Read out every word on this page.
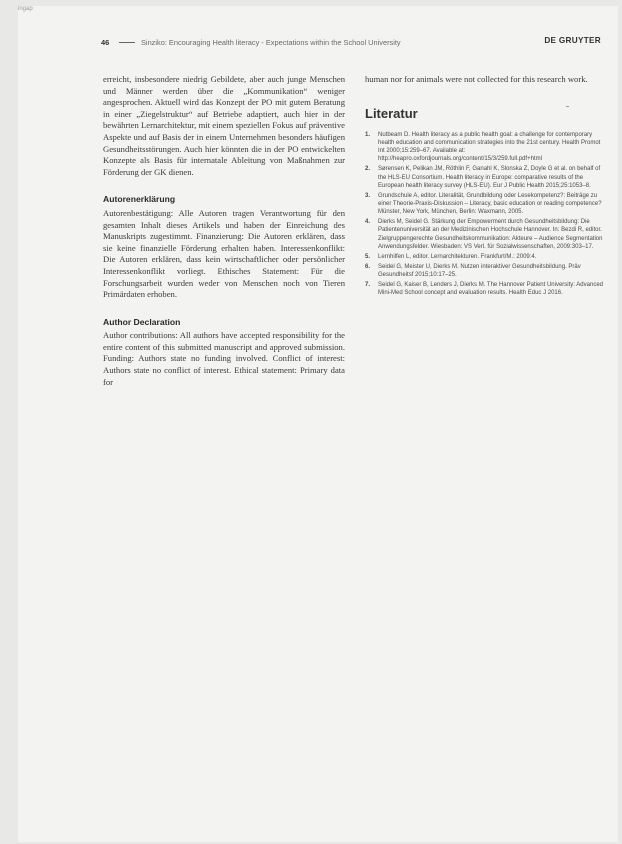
ingap
46	Sinziko: Encouraging Health literacy - Expectations within the School University	DE GRUYTER

erreicht, insbesondere niedrig Gebildete, aber auch junge Menschen und Männer werden über die „Kommunikation“ weniger angesprochen. Aktuell wird das Konzept der PO mit gutem Beratung in einer „Ziegelstruktur“ auf Betriebe adaptiert, auch hier in der bewährten Lernarchitektur, mit einem speziellen Fokus auf präventive Aspekte und auf Basis der in einem Unternehmen besonders häufigen Gesundheitsstörungen. Auch hier könnten die in der PO entwickelten Konzepte als Basis für internatale Ableitung von Maßnahmen zur Förderung der GK dienen.

Autorenerklärung

Autorenbestätigung: Alle Autoren tragen Verantwortung für den gesamten Inhalt dieses Artikels und haben der Einreichung des Manuskripts zugestimmt. Finanzierung: Die Autoren erklären, dass sie keine finanzielle Förderung erhalten haben. Interessenkonflikt: Die Autoren erklären, dass kein wirtschaftlicher oder persönlicher Interessenkonflikt vorliegt. Ethisches Statement: Für die Forschungsarbeit wurden weder von Menschen noch von Tieren Primärdaten erhoben.

Author Declaration

Author contributions: All authors have accepted responsibility for the entire content of this submitted manuscript and approved submission. Funding: Authors state no funding involved. Conflict of interest: Authors state no conflict of interest. Ethical statement: Primary data for

human nor for animals were not collected for this research work.

Literatur
1.	Nutbeam D. Health literacy as a public health goal: a challenge for contemporary health education and communication strategies into the 21st century. Health Promot Int 2000;15:259–67. Available at: http://heapro.oxfordjournals.org/content/15/3/259.full.pdf+html
2.	Sørensen K, Pelikan JM, Röthlin F, Ganahl K, Slonska Z, Doyle G et al. on behalf of the HLS-EU Consortium. Health literacy in Europe: comparative results of the European health literacy survey (HLS-EU). Eur J Public Health 2015;25:1053–8.
3.	Grundschule A, editor. Literalität, Grundbildung oder Lesekompetenz?: Beiträge zu einer Theorie-Praxis-Diskussion – Literacy, basic education or reading competence? Münster, New York, München, Berlin: Waxmann, 2005.
4.	Dierks M, Seidel G. Stärkung der Empowerment durch Gesundheitsbildung: Die Patientenuniversität an der Medizinischen Hochschule Hannover. In: Bezdi R, editor. Zielgruppengerechte Gesundheitskommunikation: Akteure – Audience Segmentation Anwendungsfelder. Wiesbaden: VS Verl. für Sozialwissenschaften, 2009:303–17.
5.	Lernhilfen L, editor. Lernarchitekturen. Frankfurt/M.: 2009:4.
6.	Seidel G, Meister U, Dierks M. Nutzen interaktiver Gesundheitsbildung. Präv Gesundheitsf 2015;10:17–25.
7.	Seidel G, Kaiser B, Lenders J, Dierks M. The Hannover Patient University: Advanced Mini-Med School concept and evaluation results. Health Educ J 2016.
